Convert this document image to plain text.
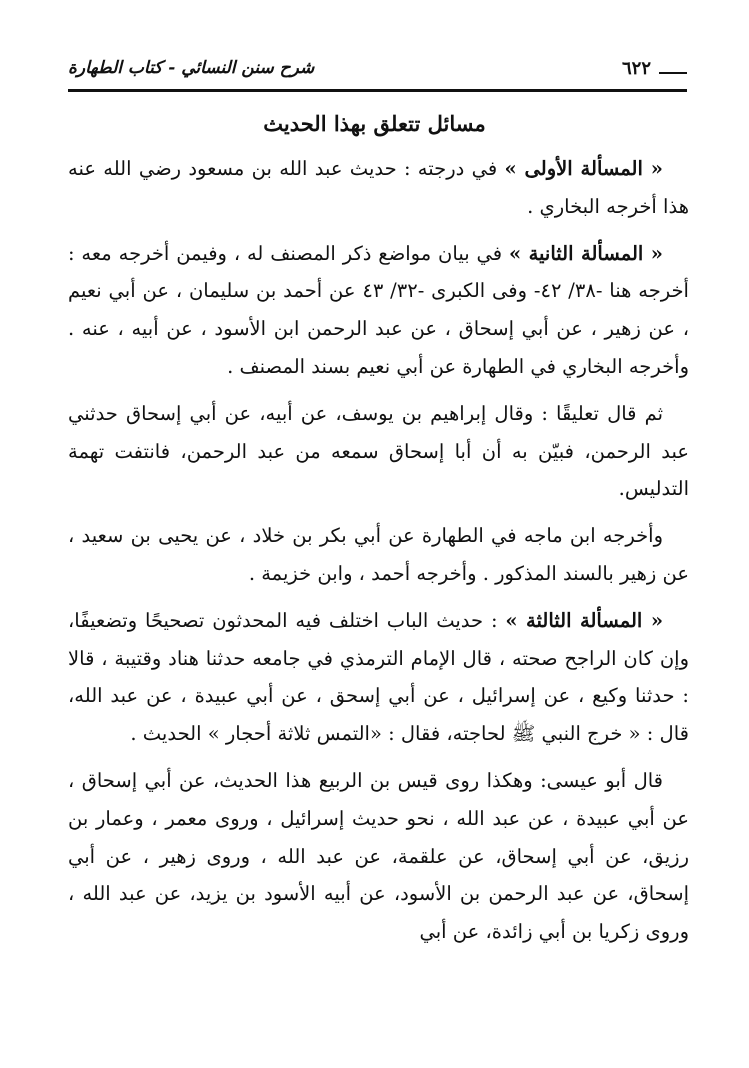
شرح سنن النسائي - كتاب الطهارة	٦٢٢
مسائل تتعلق بهذا الحديث

« المسألة الأولى » في درجته : حديث عبد الله بن مسعود رضي الله عنه هذا أخرجه البخاري .

« المسألة الثانية » في بيان مواضع ذكر المصنف له ، وفيمن أخرجه معه : أخرجه هنا -٣٨/ ٤٢- وفى الكبرى -٣٢/ ٤٣ عن أحمد بن سليمان ، عن أبي نعيم ، عن زهير ، عن أبي إسحاق ، عن عبد الرحمن ابن الأسود ، عن أبيه ، عنه . وأخرجه البخاري في الطهارة عن أبي نعيم بسند المصنف .

ثم قال تعليقًا : وقال إبراهيم بن يوسف، عن أبيه، عن أبي إسحاق حدثني عبد الرحمن، فبيّن به أن أبا إسحاق سمعه من عبد الرحمن، فانتفت تهمة التدليس.

وأخرجه ابن ماجه في الطهارة عن أبي بكر بن خلاد ، عن يحيى بن سعيد ، عن زهير بالسند المذكور . وأخرجه أحمد ، وابن خزيمة .

« المسألة الثالثة » : حديث الباب اختلف فيه المحدثون تصحيحًا وتضعيفًا، وإن كان الراجح صحته ، قال الإمام الترمذي في جامعه حدثنا هناد وقتيبة ، قالا : حدثنا وكيع ، عن إسرائيل ، عن أبي إسحق ، عن أبي عبيدة ، عن عبد الله، قال : « خرج النبي ﷺ لحاجته، فقال : «التمس ثلاثة أحجار » الحديث .

قال أبو عيسى: وهكذا روى قيس بن الربيع هذا الحديث، عن أبي إسحاق ، عن أبي عبيدة ، عن عبد الله ، نحو حديث إسرائيل ، وروى معمر ، وعمار بن رزيق، عن أبي إسحاق، عن علقمة، عن عبد الله ، وروى زهير ، عن أبي إسحاق، عن عبد الرحمن بن الأسود، عن أبيه الأسود بن يزيد، عن عبد الله ، وروى زكريا بن أبي زائدة، عن أبي
